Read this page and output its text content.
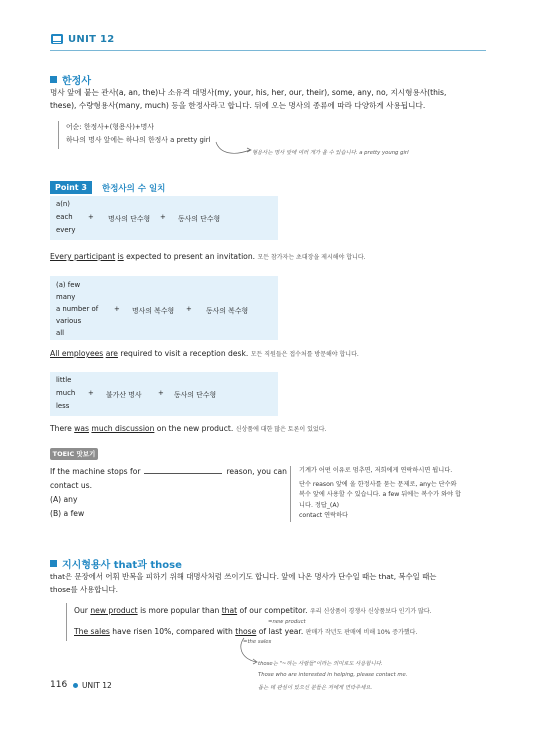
UNIT 12
한정사
명사 앞에 붙는 관사(a, an, the)나 소유격 대명사(my, your, his, her, our, their), some, any, no, 지시형용사(this,
these), 수량형용사(many, much) 등을 한정사라고 합니다. 뒤에 오는 명사의 종류에 따라 다양하게 사용됩니다.
어순: 한정사+(형용사)+명사
하나의 명사 앞에는 하나의 한정사 a pretty girl
형용사는 명사 앞에 여러 개가 올 수 있습니다. a pretty young girl
Point 3	한정사의 수 일치
a(n)
each
every
+ 명사의 단수형 + 동사의 단수형
Every participant is expected to present an invitation. 모든 참가자는 초대장을 제시해야 합니다.
(a) few
many
a number of
various
all
+ 명사의 복수형 + 동사의 복수형
All employees are required to visit a reception desk. 모든 직원들은 접수처를 방문해야 합니다.
little
much
less
+ 불가산 명사 + 동사의 단수형
There was much discussion on the new product. 신상품에 대한 많은 토론이 있었다.
TOEIC 맛보기
If the machine stops for	reason, you can
contact us.
(A) any
(B) a few
기계가 어떤 이유로 멈추면, 저희에게 연락하시면 됩니다.
단수 reason 앞에 올 한정사를 묻는 문제로, any는 단수와
복수 앞에 사용할 수 있습니다. a few 뒤에는 복수가 와야 합
니다. 정답_(A)
contact 연락하다
지시형용사 that과 those
that은 문장에서 어휘 반복을 피하기 위해 대명사처럼 쓰이기도 합니다. 앞에 나온 명사가 단수일 때는 that, 복수일 때는
those를 사용합니다.
Our new product is more popular than that of our competitor. 우리 신상품이 경쟁사 신상품보다 인기가 많다.
=new product
The sales have risen 10%, compared with those of last year. 판매가 작년도 판매에 비해 10% 증가했다.
=the sales
those는 "~하는 사람들"이라는 의미로도 사용합니다.
Those who are interested in helping, please contact me.
돕는 데 관심이 있으신 분들은 저에게 연락주세요.
116 UNIT 12
